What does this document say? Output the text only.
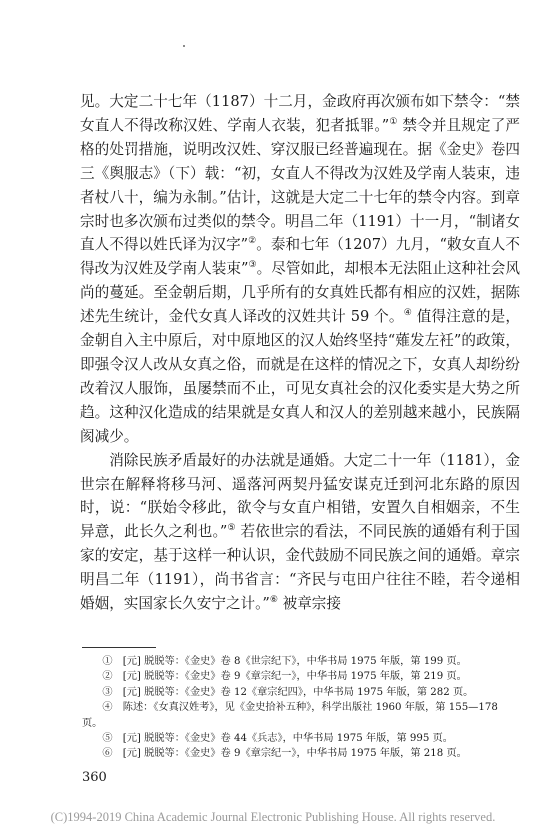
见。大定二十七年（1187）十二月，金政府再次颁布如下禁令：“禁女直人不得改称汉姓、学南人衣装，犯者抵罪。”① 禁令并且规定了严格的处罚措施，说明改汉姓、穿汉服已经普遍现在。据《金史》卷四三《舆服志》（下）载：“初，女直人不得改为汉姓及学南人装束，违者杖八十，编为永制。”估计，这就是大定二十七年的禁令内容。到章宗时也多次颁布过类似的禁令。明昌二年（1191）十一月，“制诸女直人不得以姓氏译为汉字”②。泰和七年（1207）九月，“敕女直人不得改为汉姓及学南人装束”③。尽管如此，却根本无法阻止这种社会风尚的蔓延。至金朝后期，几乎所有的女真姓氏都有相应的汉姓，据陈述先生统计，金代女真人译改的汉姓共计 59 个。④ 值得注意的是，金朝自入主中原后，对中原地区的汉人始终坚持“薙发左衽”的政策，即强令汉人改从女真之俗，而就是在这样的情况之下，女真人却纷纷改着汉人服饰，虽屡禁而不止，可见女真社会的汉化委实是大势之所趋。这种汉化造成的结果就是女真人和汉人的差别越来越小，民族隔阂减少。

消除民族矛盾最好的办法就是通婚。大定二十一年（1181），金世宗在解释将移马河、遥落河两契丹猛安谋克迁到河北东路的原因时，说：“朕始令移此，欲令与女直户相错，安置久自相姻亲，不生异意，此长久之利也。”⑤ 若依世宗的看法，不同民族的通婚有利于国家的安定，基于这样一种认识，金代鼓励不同民族之间的通婚。章宗明昌二年（1191），尚书省言：“齐民与屯田户往往不睦，若令递相婚姻，实国家长久安宁之计。”⑥ 被章宗接

①　[元] 脱脱等：《金史》卷 8《世宗纪下》，中华书局 1975 年版，第 199 页。

②　[元] 脱脱等：《金史》卷 9《章宗纪一》，中华书局 1975 年版，第 219 页。

③　[元] 脱脱等：《金史》卷 12《章宗纪四》，中华书局 1975 年版，第 282 页。

④　陈述：《女真汉姓考》，见《金史拾补五种》，科学出版社 1960 年版，第 155—178 页。

⑤　[元] 脱脱等：《金史》卷 44《兵志》，中华书局 1975 年版，第 995 页。

⑥　[元] 脱脱等：《金史》卷 9《章宗纪一》，中华书局 1975 年版，第 218 页。

360
(C)1994-2019 China Academic Journal Electronic Publishing House. All rights reserved.
